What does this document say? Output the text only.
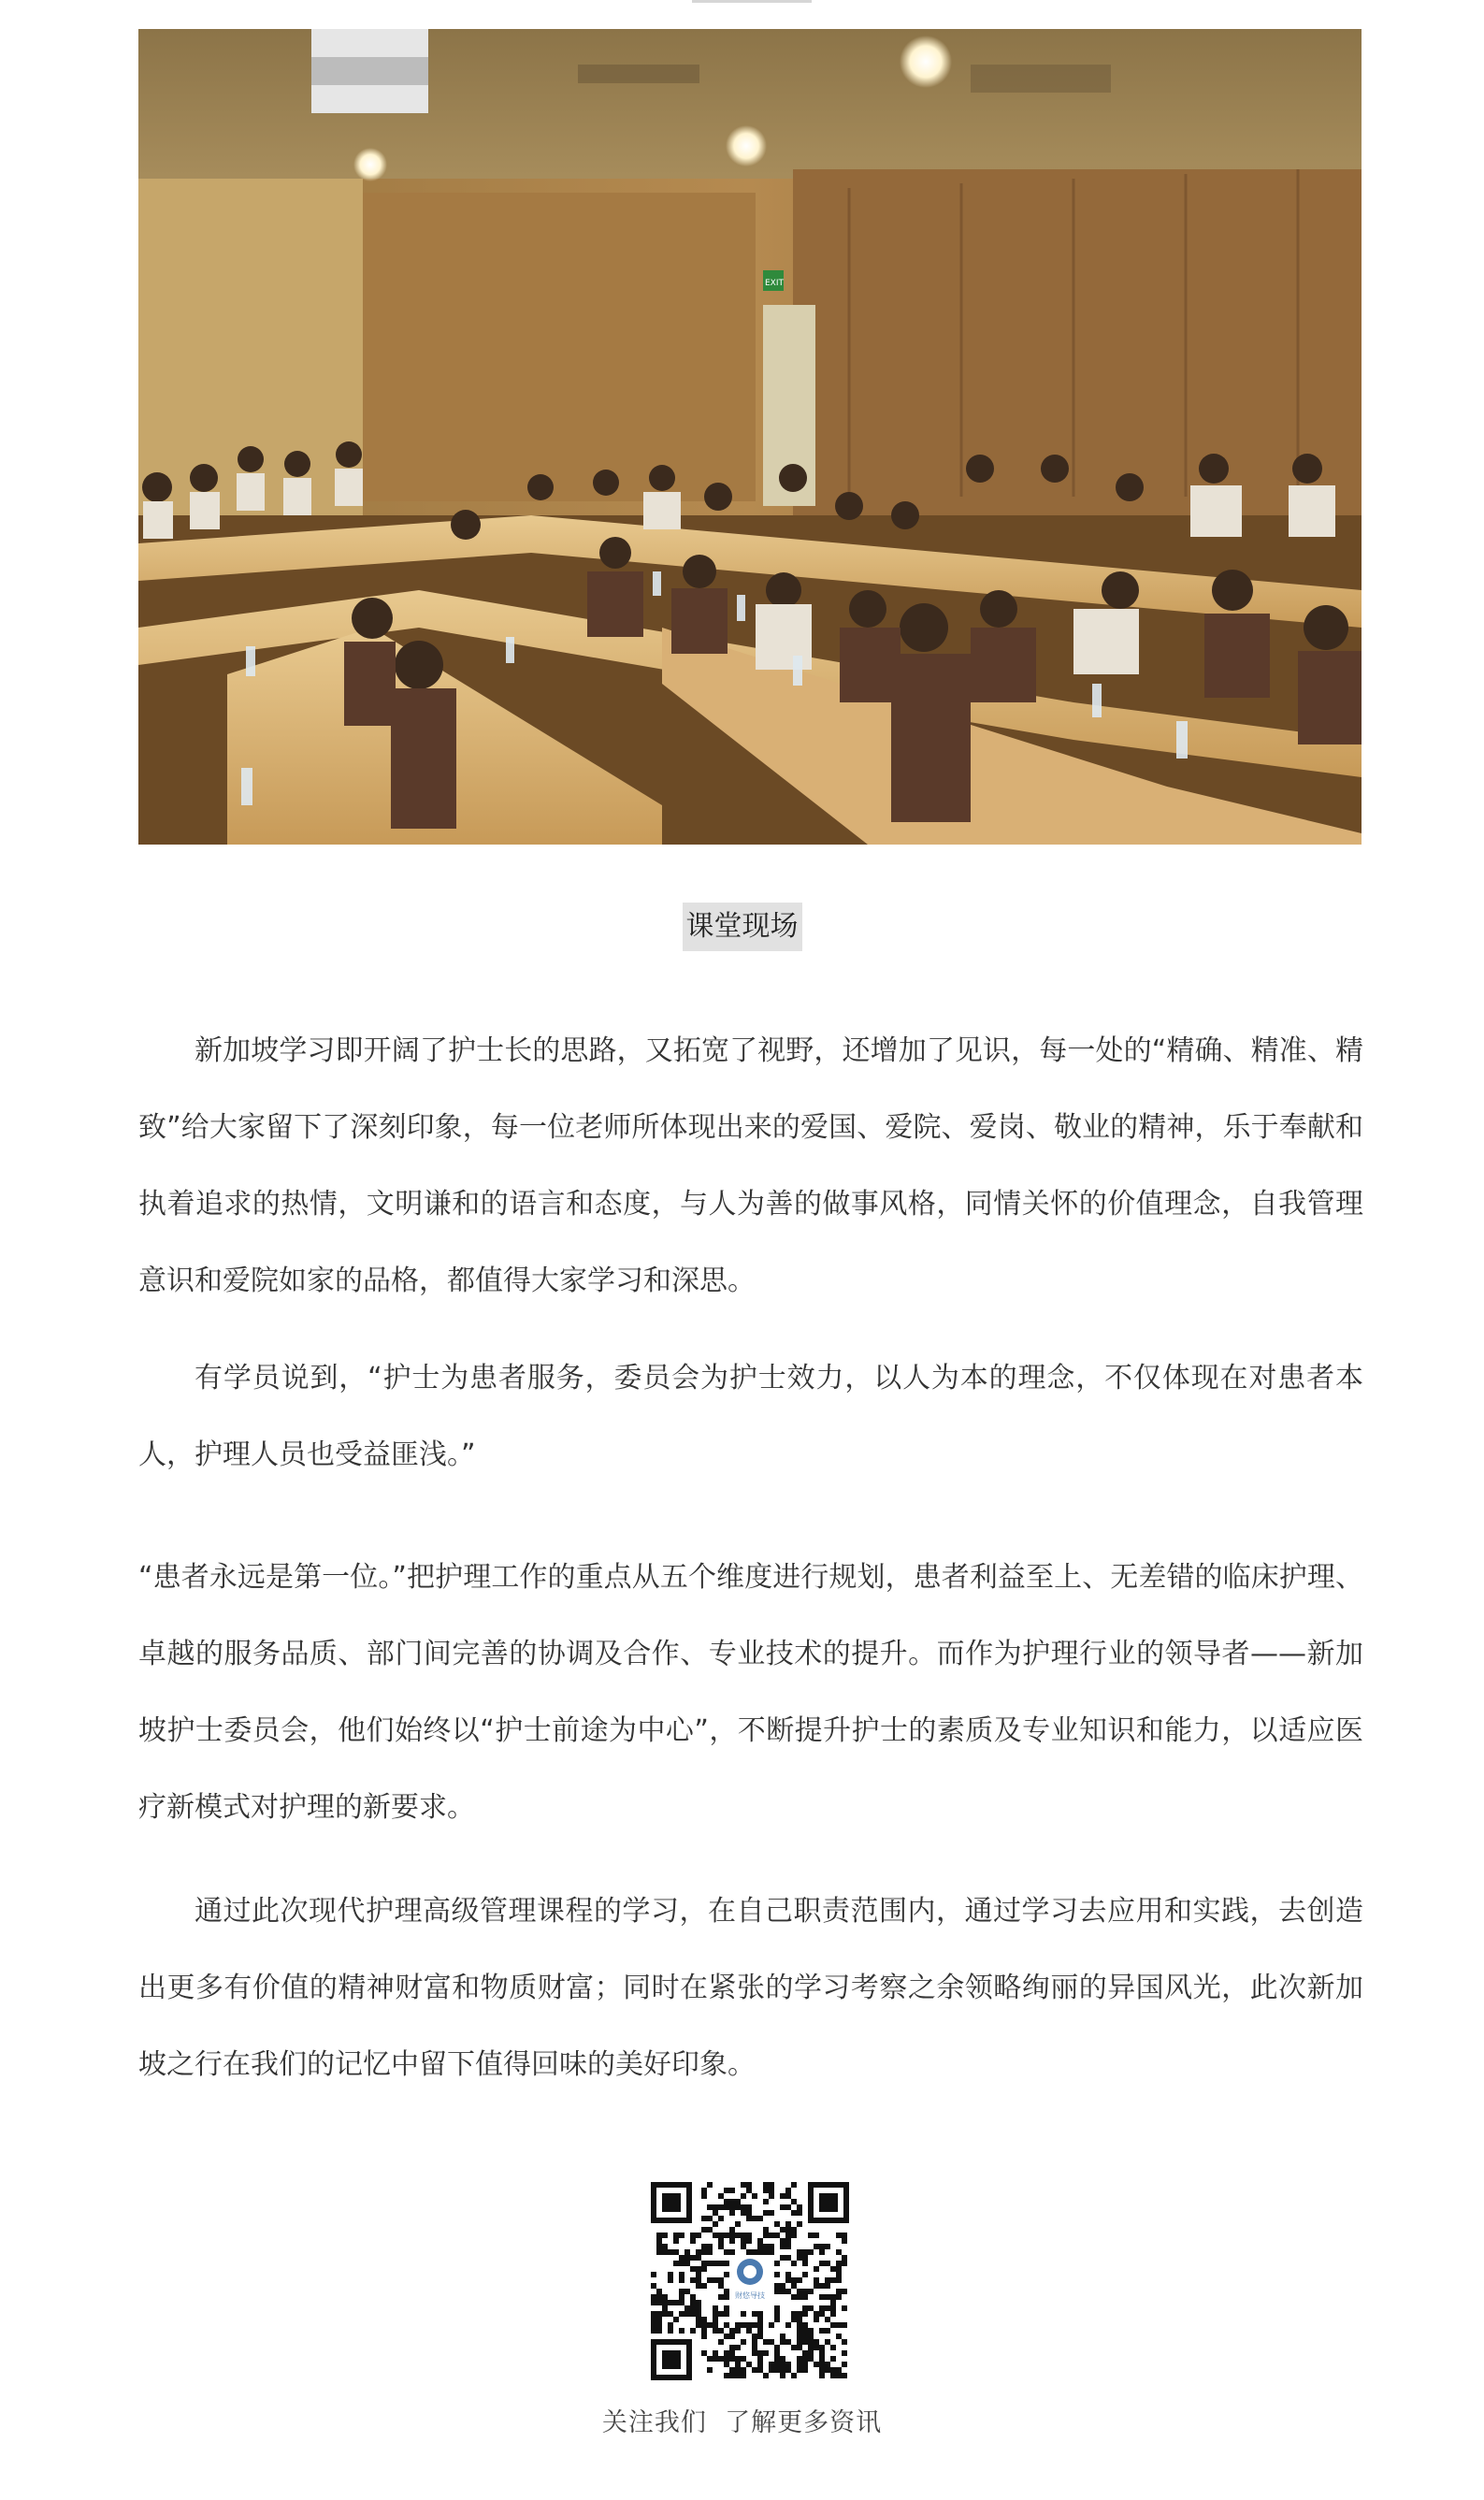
EXIT
课堂现场

新加坡学习即开阔了护士长的思路，又拓宽了视野，还增加了见识，每一处的“精确、精准、精致”给大家留下了深刻印象，每一位老师所体现出来的爱国、爱院、爱岗、敬业的精神，乐于奉献和执着追求的热情，文明谦和的语言和态度，与人为善的做事风格，同情关怀的价值理念，自我管理意识和爱院如家的品格，都值得大家学习和深思。

有学员说到，“护士为患者服务，委员会为护士效力，以人为本的理念，不仅体现在对患者本人，护理人员也受益匪浅。”

“患者永远是第一位。”把护理工作的重点从五个维度进行规划，患者利益至上、无差错的临床护理、卓越的服务品质、部门间完善的协调及合作、专业技术的提升。而作为护理行业的领导者——新加坡护士委员会，他们始终以“护士前途为中心”，不断提升护士的素质及专业知识和能力，以适应医疗新模式对护理的新要求。

通过此次现代护理高级管理课程的学习，在自己职责范围内，通过学习去应用和实践，去创造出更多有价值的精神财富和物质财富；同时在紧张的学习考察之余领略绚丽的异国风光，此次新加坡之行在我们的记忆中留下值得回味的美好印象。

财悠导技
关注我们  了解更多资讯
